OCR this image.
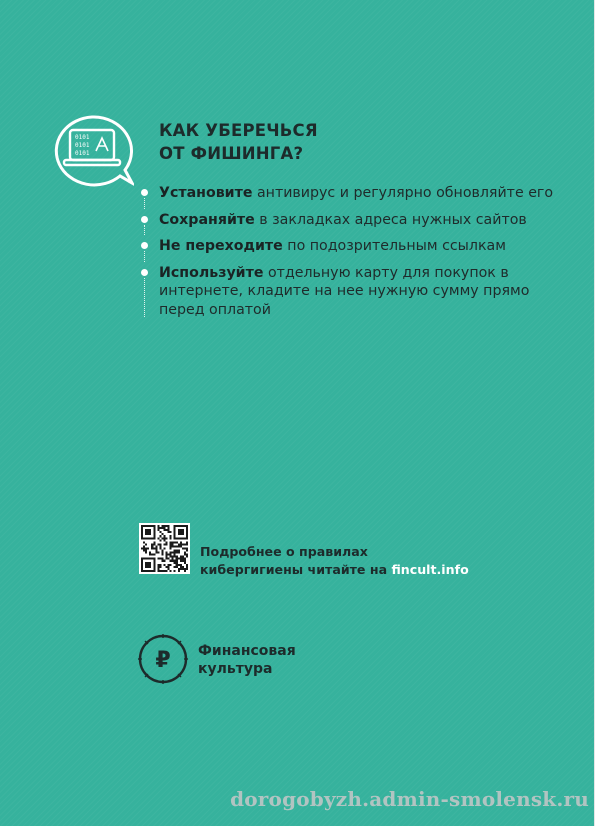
0101
0101
0101
КАК УБЕРЕЧЬСЯ
ОТ ФИШИНГА?
Установите антивирус и регулярно обновляйте его
Сохраняйте в закладках адреса нужных сайтов
Не переходите по подозрительным ссылкам
Используйте отдельную карту для покупок в интернете, кладите на нее нужную сумму прямо перед оплатой
Подробнее о правилах
кибергигиены читайте на fincult.info
₽ Финансовая
культура
dorogobyzh.admin-smolensk.ru
